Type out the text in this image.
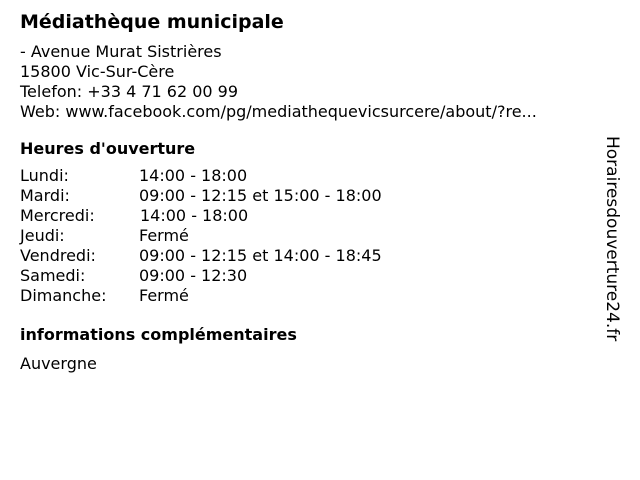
Médiathèque municipale
- Avenue Murat Sistrières
15800 Vic-Sur-Cère
Telefon: +33 4 71 62 00 99
Web: www.facebook.com/pg/mediathequevicsurcere/about/?re...
Heures d'ouverture
Lundi:	14:00 - 18:00
Mardi:	09:00 - 12:15 et 15:00 - 18:00
Mercredi:	14:00 - 18:00
Jeudi:	Fermé
Vendredi:	09:00 - 12:15 et 14:00 - 18:45
Samedi:	09:00 - 12:30
Dimanche: Fermé
informations complémentaires
Auvergne
Horairesdouverture24.fr
